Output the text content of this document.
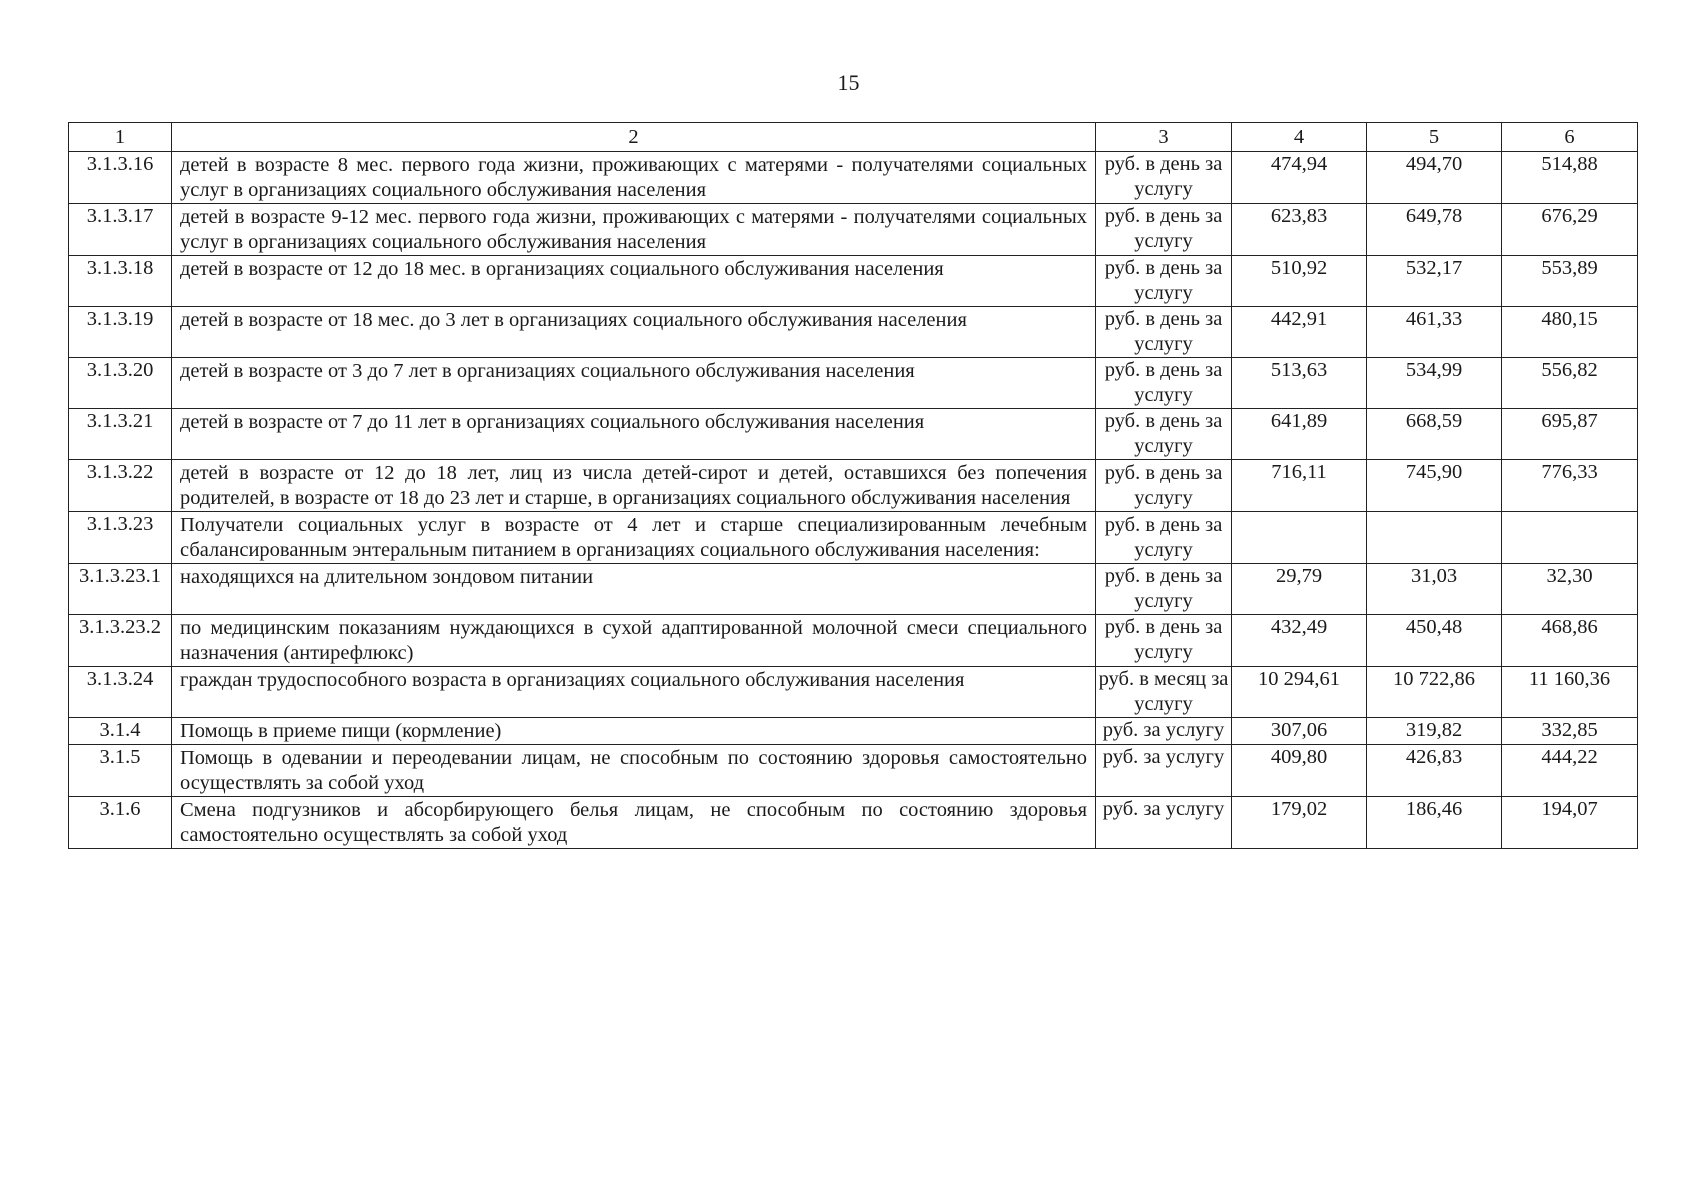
15
1	2	3	4	5	6
3.1.3.16	детей в возрасте 8 мес. первого года жизни, проживающих с матерями - получателями социальных услуг в организациях социального обслуживания населения	руб. в день за услугу	474,94	494,70	514,88
3.1.3.17	детей в возрасте 9-12 мес. первого года жизни, проживающих с матерями - получателями социальных услуг в организациях социального обслуживания населения	руб. в день за услугу	623,83	649,78	676,29
3.1.3.18	детей в возрасте от 12 до 18 мес. в организациях социального обслуживания населения	руб. в день за услугу	510,92	532,17	553,89
3.1.3.19	детей в возрасте от 18 мес. до 3 лет в организациях социального обслуживания населения	руб. в день за услугу	442,91	461,33	480,15
3.1.3.20	детей в возрасте от 3 до 7 лет в организациях социального обслуживания населения	руб. в день за услугу	513,63	534,99	556,82
3.1.3.21	детей в возрасте от 7 до 11 лет в организациях социального обслуживания населения	руб. в день за услугу	641,89	668,59	695,87
3.1.3.22	детей в возрасте от 12 до 18 лет, лиц из числа детей-сирот и детей, оставшихся без попечения родителей, в возрасте от 18 до 23 лет и старше, в организациях социального обслуживания населения	руб. в день за услугу	716,11	745,90	776,33
3.1.3.23	Получатели социальных услуг в возрасте от 4 лет и старше специализированным лечебным сбалансированным энтеральным питанием в организациях социального обслуживания населения:	руб. в день за услугу			
3.1.3.23.1	находящихся на длительном зондовом питании	руб. в день за услугу	29,79	31,03	32,30
3.1.3.23.2	по медицинским показаниям нуждающихся в сухой адаптированной молочной смеси специального назначения (антирефлюкс)	руб. в день за услугу	432,49	450,48	468,86
3.1.3.24	граждан трудоспособного возраста в организациях социального обслуживания населения	руб. в месяц за услугу	10 294,61	10 722,86	11 160,36
3.1.4	Помощь в приеме пищи (кормление)	руб. за услугу	307,06	319,82	332,85
3.1.5	Помощь в одевании и переодевании лицам, не способным по состоянию здоровья самостоятельно осуществлять за собой уход	руб. за услугу	409,80	426,83	444,22
3.1.6	Смена подгузников и абсорбирующего белья лицам, не способным по состоянию здоровья самостоятельно осуществлять за собой уход	руб. за услугу	179,02	186,46	194,07
